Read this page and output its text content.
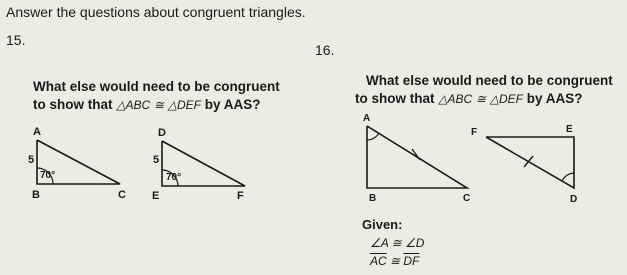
Answer the questions about congruent triangles.
15.
What else would need to be congruent
to show that △ABC ≅ △DEF by AAS?
16.
What else would need to be congruent
to show that △ABC ≅ △DEF by AAS?
Given:
∠A ≅ ∠D
$\overline{AC}$ ≅ $\overline{DF}$
A
B	C
5
70°
D
E	F
5
70°
A
B	C
F	E
D
